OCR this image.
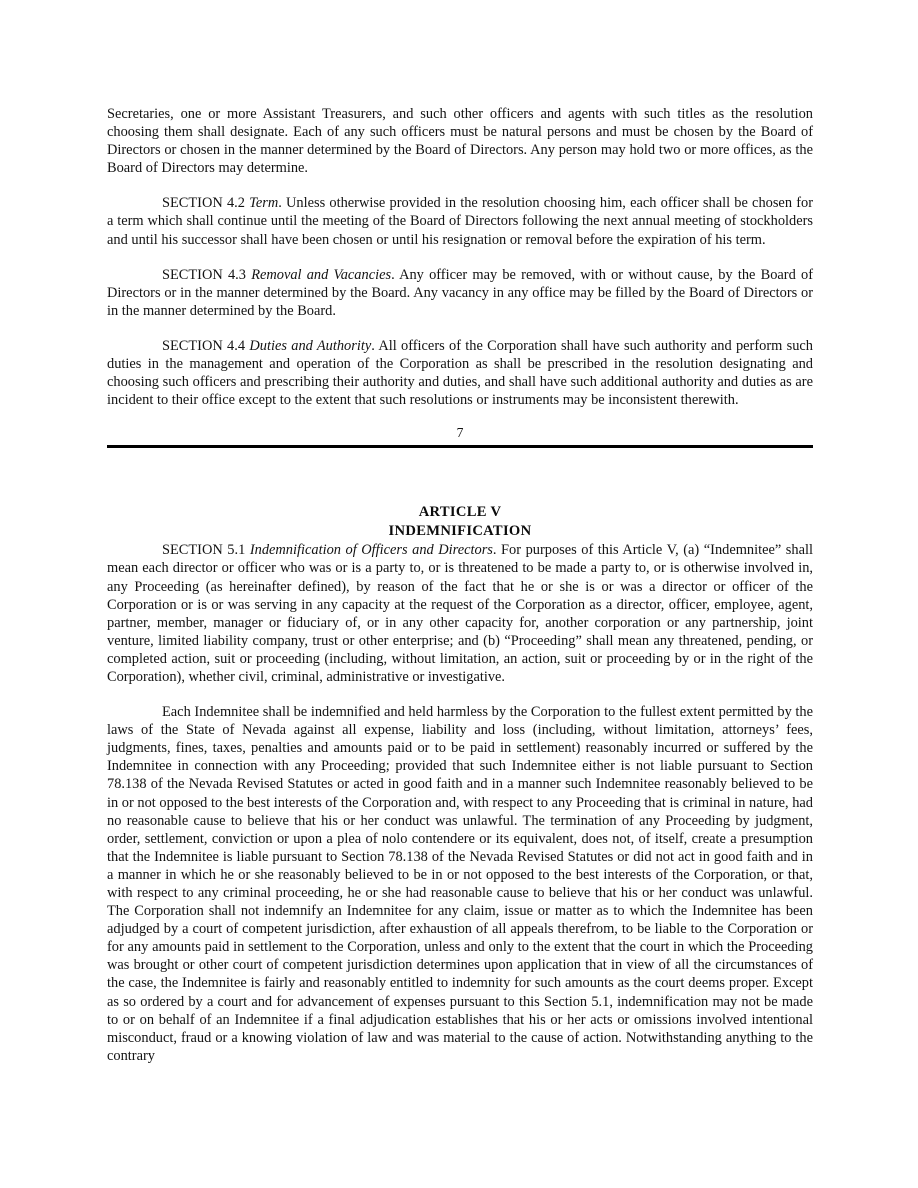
Secretaries, one or more Assistant Treasurers, and such other officers and agents with such titles as the resolution choosing them shall designate. Each of any such officers must be natural persons and must be chosen by the Board of Directors or chosen in the manner determined by the Board of Directors. Any person may hold two or more offices, as the Board of Directors may determine.

SECTION 4.2 Term. Unless otherwise provided in the resolution choosing him, each officer shall be chosen for a term which shall continue until the meeting of the Board of Directors following the next annual meeting of stockholders and until his successor shall have been chosen or until his resignation or removal before the expiration of his term.

SECTION 4.3 Removal and Vacancies. Any officer may be removed, with or without cause, by the Board of Directors or in the manner determined by the Board. Any vacancy in any office may be filled by the Board of Directors or in the manner determined by the Board.

SECTION 4.4 Duties and Authority. All officers of the Corporation shall have such authority and perform such duties in the management and operation of the Corporation as shall be prescribed in the resolution designating and choosing such officers and prescribing their authority and duties, and shall have such additional authority and duties as are incident to their office except to the extent that such resolutions or instruments may be inconsistent therewith.

7
ARTICLE V
INDEMNIFICATION

SECTION 5.1 Indemnification of Officers and Directors. For purposes of this Article V, (a) “Indemnitee” shall mean each director or officer who was or is a party to, or is threatened to be made a party to, or is otherwise involved in, any Proceeding (as hereinafter defined), by reason of the fact that he or she is or was a director or officer of the Corporation or is or was serving in any capacity at the request of the Corporation as a director, officer, employee, agent, partner, member, manager or fiduciary of, or in any other capacity for, another corporation or any partnership, joint venture, limited liability company, trust or other enterprise; and (b) “Proceeding” shall mean any threatened, pending, or completed action, suit or proceeding (including, without limitation, an action, suit or proceeding by or in the right of the Corporation), whether civil, criminal, administrative or investigative.

Each Indemnitee shall be indemnified and held harmless by the Corporation to the fullest extent permitted by the laws of the State of Nevada against all expense, liability and loss (including, without limitation, attorneys’ fees, judgments, fines, taxes, penalties and amounts paid or to be paid in settlement) reasonably incurred or suffered by the Indemnitee in connection with any Proceeding; provided that such Indemnitee either is not liable pursuant to Section 78.138 of the Nevada Revised Statutes or acted in good faith and in a manner such Indemnitee reasonably believed to be in or not opposed to the best interests of the Corporation and, with respect to any Proceeding that is criminal in nature, had no reasonable cause to believe that his or her conduct was unlawful. The termination of any Proceeding by judgment, order, settlement, conviction or upon a plea of nolo contendere or its equivalent, does not, of itself, create a presumption that the Indemnitee is liable pursuant to Section 78.138 of the Nevada Revised Statutes or did not act in good faith and in a manner in which he or she reasonably believed to be in or not opposed to the best interests of the Corporation, or that, with respect to any criminal proceeding, he or she had reasonable cause to believe that his or her conduct was unlawful. The Corporation shall not indemnify an Indemnitee for any claim, issue or matter as to which the Indemnitee has been adjudged by a court of competent jurisdiction, after exhaustion of all appeals therefrom, to be liable to the Corporation or for any amounts paid in settlement to the Corporation, unless and only to the extent that the court in which the Proceeding was brought or other court of competent jurisdiction determines upon application that in view of all the circumstances of the case, the Indemnitee is fairly and reasonably entitled to indemnity for such amounts as the court deems proper. Except as so ordered by a court and for advancement of expenses pursuant to this Section 5.1, indemnification may not be made to or on behalf of an Indemnitee if a final adjudication establishes that his or her acts or omissions involved intentional misconduct, fraud or a knowing violation of law and was material to the cause of action. Notwithstanding anything to the contrary
